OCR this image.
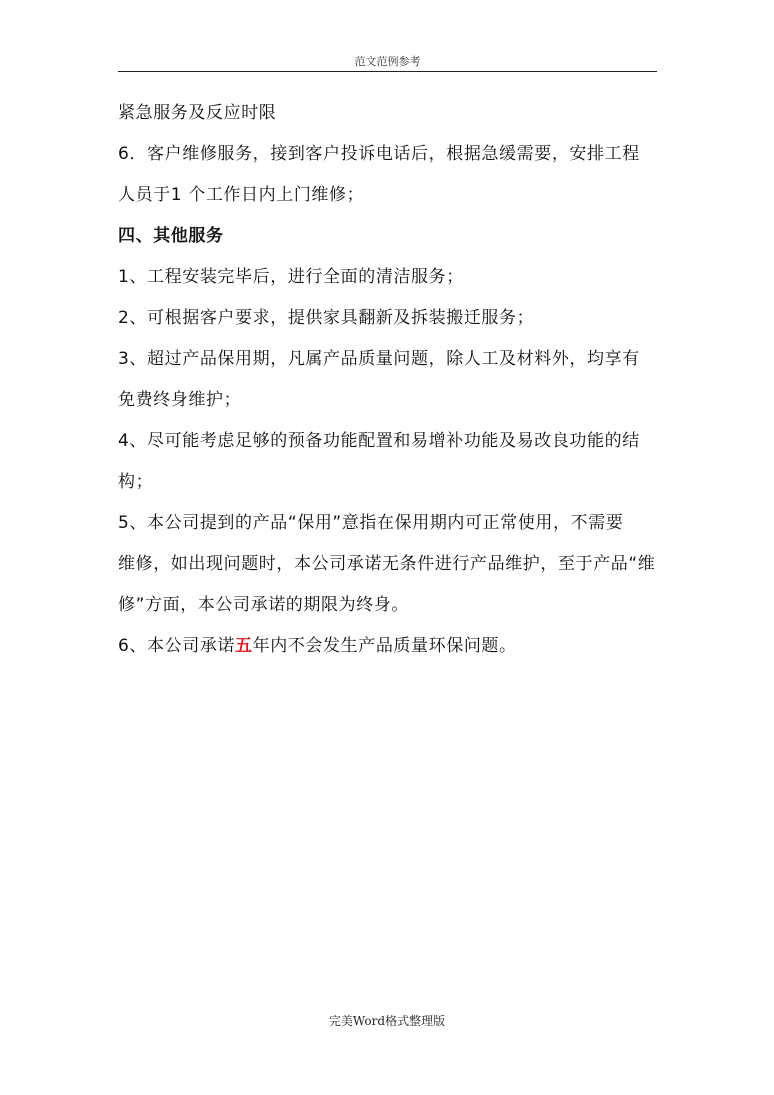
范文范例参考

紧急服务及反应时限

6．客户维修服务，接到客户投诉电话后，根据急缓需要，安排工程

人员于1 个工作日内上门维修；

四、其他服务

1、工程安装完毕后，进行全面的清洁服务；

2、可根据客户要求，提供家具翻新及拆装搬迁服务；

3、超过产品保用期，凡属产品质量问题，除人工及材料外，均享有

免费终身维护；

4、尽可能考虑足够的预备功能配置和易增补功能及易改良功能的结

构；

5、本公司提到的产品“保用”意指在保用期内可正常使用，不需要

维修，如出现问题时，本公司承诺无条件进行产品维护，至于产品“维

修”方面，本公司承诺的期限为终身。

6、本公司承诺五年内不会发生产品质量环保问题。

完美Word格式整理版
